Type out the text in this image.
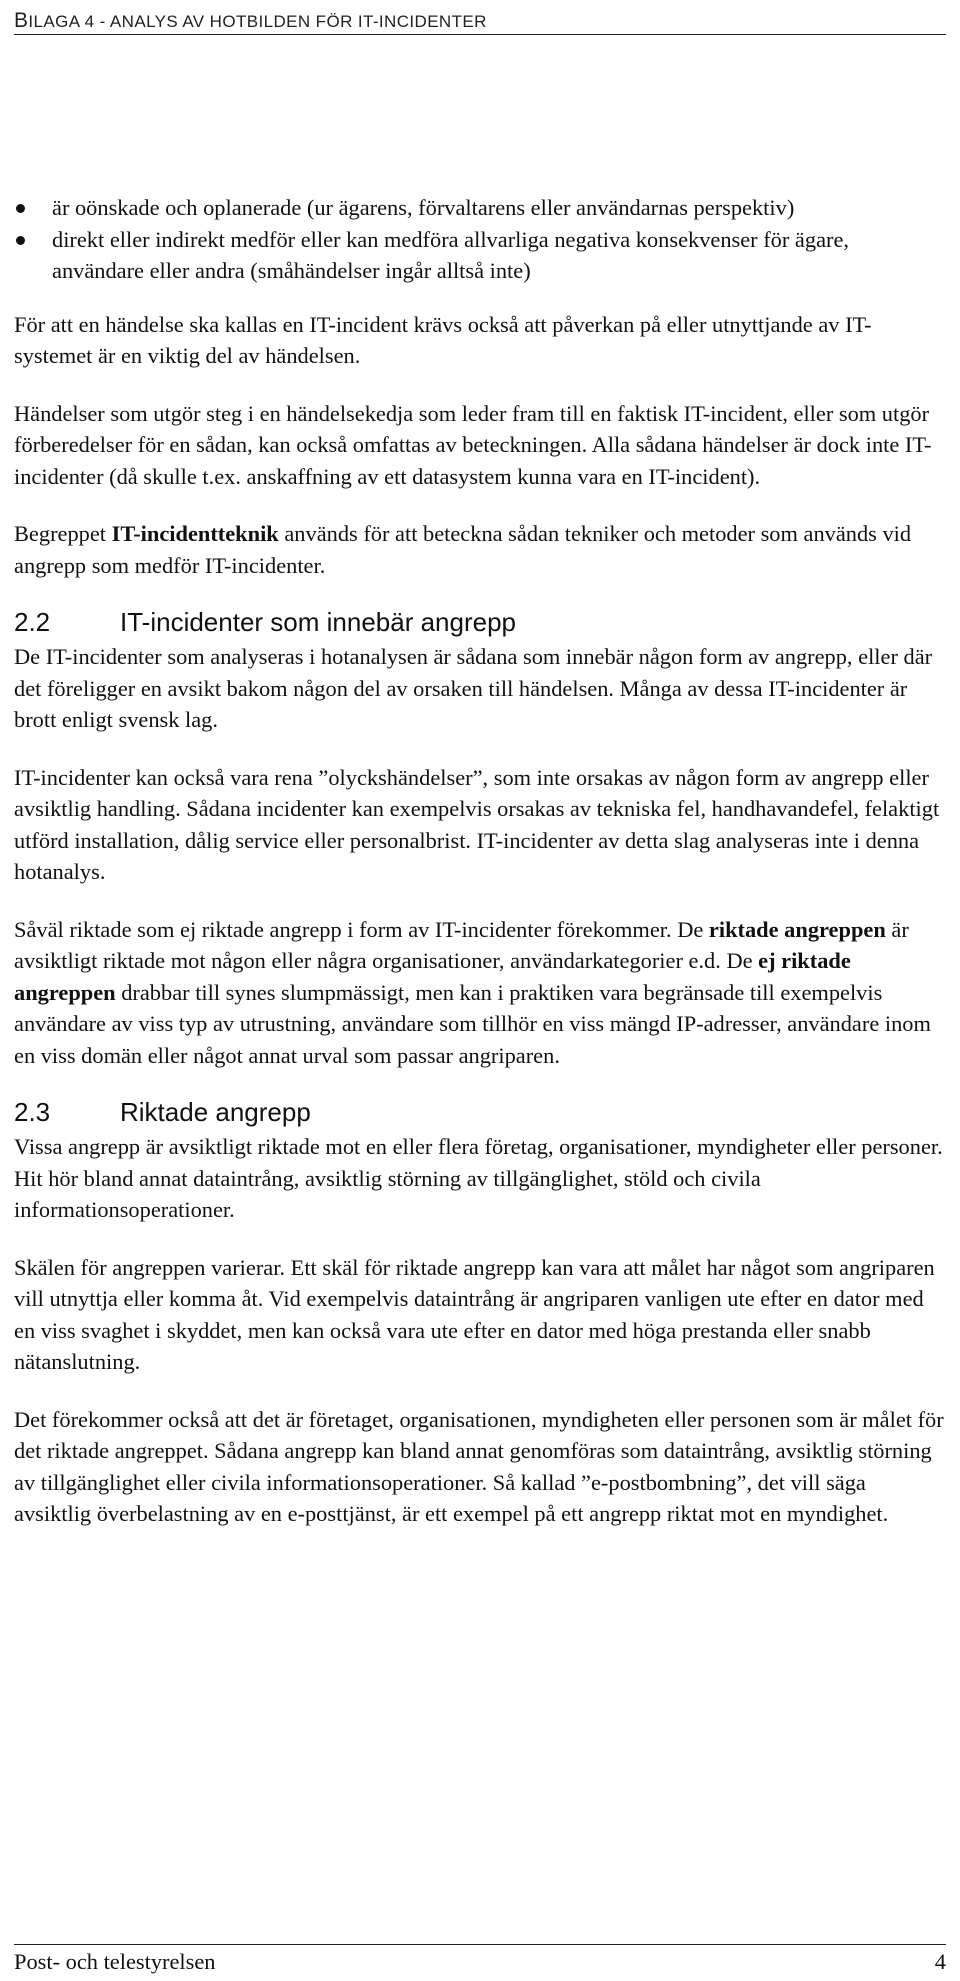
BILAGA 4 - ANALYS AV HOTBILDEN FÖR IT-INCIDENTER
är oönskade och oplanerade (ur ägarens, förvaltarens eller användarnas perspektiv)
direkt eller indirekt medför eller kan medföra allvarliga negativa konsekvenser för ägare, användare eller andra (småhändelser ingår alltså inte)

För att en händelse ska kallas en IT-incident krävs också att påverkan på eller utnyttjande av IT-systemet är en viktig del av händelsen.

Händelser som utgör steg i en händelsekedja som leder fram till en faktisk IT-incident, eller som utgör förberedelser för en sådan, kan också omfattas av beteckningen. Alla sådana händelser är dock inte IT-incidenter (då skulle t.ex. anskaffning av ett datasystem kunna vara en IT-incident).

Begreppet IT-incidentteknik används för att beteckna sådan tekniker och metoder som används vid angrepp som medför IT-incidenter.

2.2	IT-incidenter som innebär angrepp

De IT-incidenter som analyseras i hotanalysen är sådana som innebär någon form av angrepp, eller där det föreligger en avsikt bakom någon del av orsaken till händelsen. Många av dessa IT-incidenter är brott enligt svensk lag.

IT-incidenter kan också vara rena ”olyckshändelser”, som inte orsakas av någon form av angrepp eller avsiktlig handling. Sådana incidenter kan exempelvis orsakas av tekniska fel, handhavandefel, felaktigt utförd installation, dålig service eller personalbrist. IT-incidenter av detta slag analyseras inte i denna hotanalys.

Såväl riktade som ej riktade angrepp i form av IT-incidenter förekommer. De riktade angreppen är avsiktligt riktade mot någon eller några organisationer, användarkategorier e.d. De ej riktade angreppen drabbar till synes slumpmässigt, men kan i praktiken vara begränsade till exempelvis användare av viss typ av utrustning, användare som tillhör en viss mängd IP-adresser, användare inom en viss domän eller något annat urval som passar angriparen.

2.3	Riktade angrepp

Vissa angrepp är avsiktligt riktade mot en eller flera företag, organisationer, myndigheter eller personer. Hit hör bland annat dataintrång, avsiktlig störning av tillgänglighet, stöld och civila informationsoperationer.

Skälen för angreppen varierar. Ett skäl för riktade angrepp kan vara att målet har något som angriparen vill utnyttja eller komma åt. Vid exempelvis dataintrång är angriparen vanligen ute efter en dator med en viss svaghet i skyddet, men kan också vara ute efter en dator med höga prestanda eller snabb nätanslutning.

Det förekommer också att det är företaget, organisationen, myndigheten eller personen som är målet för det riktade angreppet. Sådana angrepp kan bland annat genomföras som dataintrång, avsiktlig störning av tillgänglighet eller civila informationsoperationer. Så kallad ”e-postbombning”, det vill säga avsiktlig överbelastning av en e-posttjänst, är ett exempel på ett angrepp riktat mot en myndighet.

Post- och telestyrelsen	4
